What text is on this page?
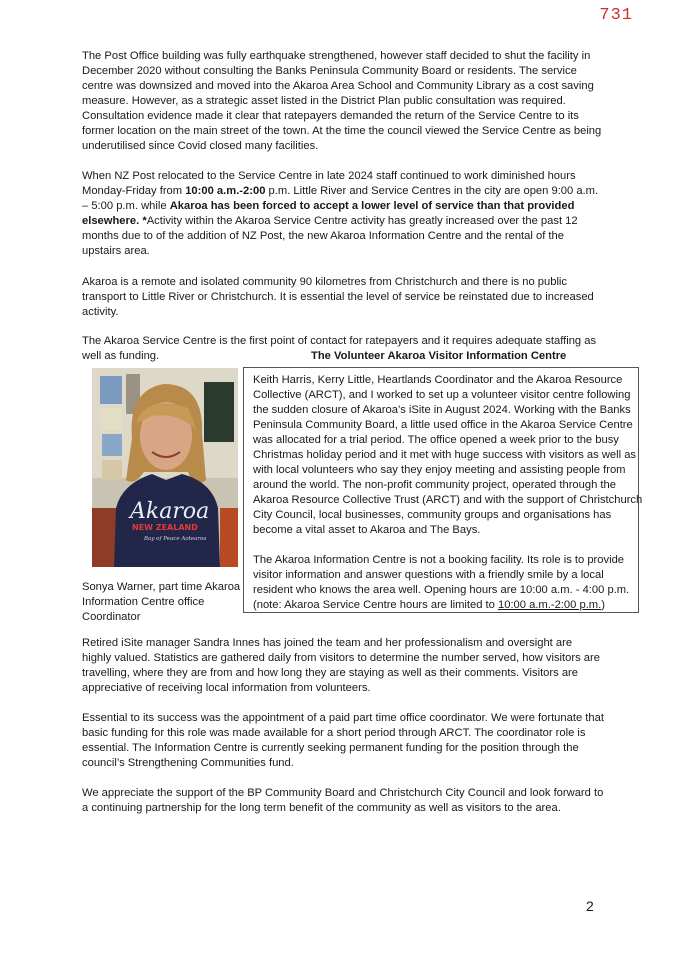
731

The Post Office building was fully earthquake strengthened, however staff decided to shut the facility in December 2020 without consulting the Banks Peninsula Community Board or residents. The service centre was downsized and moved into the Akaroa Area School and Community Library as a cost saving measure. However, as a strategic asset listed in the District Plan public consultation was required. Consultation evidence made it clear that ratepayers demanded the return of the Service Centre to its former location on the main street of the town. At the time the council viewed the Service Centre as being underutilised since Covid closed many facilities.

When NZ Post relocated to the Service Centre in late 2024 staff continued to work diminished hours Monday-Friday from 10:00 a.m.-2:00 p.m. Little River and Service Centres in the city are open 9:00 a.m. – 5:00 p.m. while Akaroa has been forced to accept a lower level of service than that provided elsewhere. *Activity within the Akaroa Service Centre activity has greatly increased over the past 12 months due to of the addition of NZ Post, the new Akaroa Information Centre and the rental of the upstairs area.

Akaroa is a remote and isolated community 90 kilometres from Christchurch and there is no public transport to Little River or Christchurch. It is essential the level of service be reinstated due to increased activity.

The Akaroa Service Centre is the first point of contact for ratepayers and it requires adequate staffing as well as funding.	The Volunteer Akaroa Visitor Information Centre

Akaroa
NEW ZEALAND
Bay of Peace Aotearoa

Sonya Warner, part time Akaroa Information Centre office Coordinator

Keith Harris, Kerry Little, Heartlands Coordinator and the Akaroa Resource Collective (ARCT), and I worked to set up a volunteer visitor centre following the sudden closure of Akaroa’s iSite in August 2024. Working with the Banks Peninsula Community Board, a little used office in the Akaroa Service Centre was allocated for a trial period. The office opened a week prior to the busy Christmas holiday period and it met with huge success with visitors as well as with local volunteers who say they enjoy meeting and assisting people from around the world. The non-profit community project, operated through the Akaroa Resource Collective Trust (ARCT) and with the support of Christchurch City Council, local businesses, community groups and organisations has become a vital asset to Akaroa and The Bays.

The Akaroa Information Centre is not a booking facility. Its role is to provide visitor information and answer questions with a friendly smile by a local resident who knows the area well. Opening hours are 10:00 a.m. - 4:00 p.m. (note: Akaroa Service Centre hours are limited to 10:00 a.m.-2:00 p.m.)

Retired iSite manager Sandra Innes has joined the team and her professionalism and oversight are highly valued. Statistics are gathered daily from visitors to determine the number served, how visitors are travelling, where they are from and how long they are staying as well as their comments. Visitors are appreciative of receiving local information from volunteers.

Essential to its success was the appointment of a paid part time office coordinator. We were fortunate that basic funding for this role was made available for a short period through ARCT. The coordinator role is essential. The Information Centre is currently seeking permanent funding for the position through the council’s Strengthening Communities fund.

We appreciate the support of the BP Community Board and Christchurch City Council and look forward to a continuing partnership for the long term benefit of the community as well as visitors to the area.

2
